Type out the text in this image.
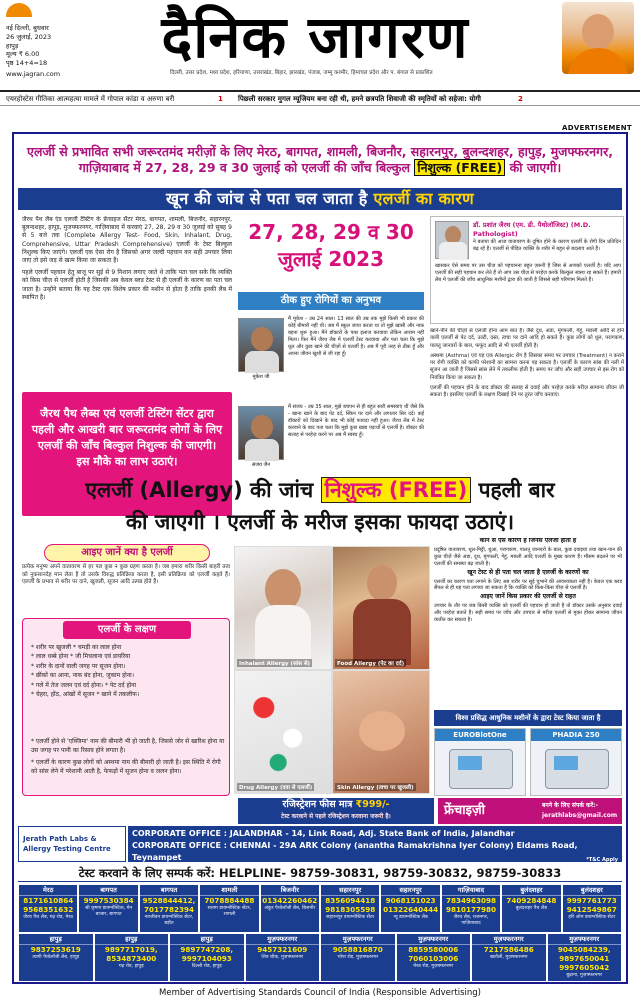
नई दिल्ली, बुधवार
26 जुलाई, 2023
हापुड़
मूल्य ₹ 6.00
पृष्ठ 14+4=18
www.jagran.com
दैनिक जागरण
दिल्ली, उत्तर प्रदेश, मध्य प्रदेश, हरियाणा, उत्तराखंड, बिहार, झारखंड, पंजाब, जम्मू कश्मीर, हिमाचल प्रदेश और प. बंगाल से प्रकाशित
एयरहोस्टेस गीतिका आत्महत्या मामले में गोपाल कांडा व अरुणा बरी	1 पिछली सरकार मुगल म्यूजियम बना रही थी, हमने छत्रपति शिवाजी की स्मृतियों को सहेजा: योगी	2
ADVERTISEMENT
एलर्जी से प्रभावित सभी जरूरतमंद मरीज़ों के लिए मेरठ, बागपत, शामली, बिजनौर, सहारनपुर, बुलन्दशहर, हापुड़, मुजफ्फरनगर,
गाज़ियाबाद में 27, 28, 29 व 30 जुलाई को एलर्जी की जाँच बिल्कुल निशुल्क (FREE) की जाएगी।
खून की जांच से पता चल जाता है एलर्जी का कारण

जैरथ पैथ लैब एंड एलर्जी टैस्टिंग के फ्रेंचाइज सैंटर मेरठ, बागपत, शामली, बिजनौर, सहारनपुर, बुलन्दशहर, हापुड़, मुजफ्फरनगर, गाज़ियाबाद में करवाएं 27, 28, 29 व 30 जुलाई को सुबह 9 से 5 बजे तक (Complete Allergy Test- Food, Skin, Inhalant, Drug, Comprehensive, Uttar Pradesh Comprehensive) एलर्जी के टेस्ट बिल्कुल निशुल्क किए जाएंगे। एलर्जी एक ऐसा रोग है जिसको अगर जल्दी पहचान कर सही उपचार लिया जाए तो इसे जड़ से खत्म किया जा सकता है।

पहले एलर्जी पहचान हेतु बाजू पर सुई से 9 निशान लगाए जाते थे ताकि पता चल सके कि व्यक्ति को किस चीज़ से एलर्जी होती है जिसकी अब केवल ब्लड टेस्ट से ही एलर्जी के कारण का पता चल जाता है। उन्होंने बताया कि यह टैस्ट एक विशेष प्रकार की मशीन से होता है ताकि इनकी लैब में स्थापित है।

जैरथ पैथ लैब्स एवं एलर्जी टेस्टिंग सेंटर द्वारा पहली और आखरी बार जरूरतमंद लोगों के लिए एलर्जी की जाँच बिल्कुल निशुल्क की जाएगी। इस मौके का लाभ उठाएं।
27, 28, 29 व 30
जुलाई 2023
ठीक हुए रोगियों का अनुभव
मुकेश जी
मैं मुकेश - उम्र 24 साल। 13 साल की उम्र तक मुझे किसी भी प्रकार की कोई बीमारी नहीं थी। जब मैं स्कूल जाया करता था तो मुझे खांसी और नाक बहना शुरू हुआ। मैंने डॉक्टरों के पास इलाज करवाया लेकिन आराम नहीं मिला। फिर मैंने जैरथ लैब में एलर्जी टेस्ट करवाया और पता चला कि मुझे धूल और कुछ खाने की चीज़ों से एलर्जी है। अब मैं पूरी तरह से ठीक हूँ और अपना जीवन खुशी से जी रहा हूँ।
संजय जैन
मैं संजय - उम्र 35 साल, मुझे बचपन से ही बहुत सारी समस्याएं थीं जैसे कि - खाना खाने के बाद पेट दर्द, स्किन पर दाने और लगातार सिर दर्द। कई डॉक्टरों को दिखाने के बाद भी कोई फायदा नहीं हुआ। जैरथ लैब में टेस्ट करवाने के बाद पता चला कि मुझे कुछ खाद्य पदार्थों से एलर्जी है। डॉक्टर की सलाह से परहेज़ करने पर अब मैं स्वस्थ हूँ।
डॉ. प्रशांत जैरथ (एम. डी. पैथोलॉजिस्ट) (M.D. Pathologist)
ने बताया की आज वातावरण के दूषित होने के कारण एलर्जी के रोगी दिन प्रतिदिन बढ़ रहे हैं। एलर्जी से पीड़ित व्यक्ति के शरीर में बहुत से बदलाव आते हैं।
खासकर ऐसे समय पर उस चीज़ को पहचानना बहुत ज़रूरी है जिस से आपको एलर्जी है। यदि आप एलर्जी की सही पहचान कर लेते हैं तो आप उस चीज़ से परहेज़ करके बिल्कुल स्वस्थ रह सकते हैं। हमारी लैब में एलर्जी की जाँच आधुनिक मशीनों द्वारा की जाती है जिससे सही परिणाम मिलते हैं।

खाने-पीने की चीज़ों से एलर्जी होना आम बात है। जैसे दूध, अंडा, मूंगफली, गेहूं, मछली आदि से होने वाली एलर्जी से पेट दर्द, उल्टी, दस्त, त्वचा पर दाने आदि हो सकते हैं। कुछ लोगों को धूल, परागकण, पालतू जानवरों के बाल, फफूंद आदि से भी एलर्जी होती है।

अस्थमा (Asthma) एवं यह एक Allergic रोग है जिसका समय पर उपचार (Treatment) न कराने पर रोगी व्यक्ति को काफी परेशानी का सामना करना पड़ सकता है। एलर्जी के कारण सांस की नली में सूजन आ जाती है जिससे सांस लेने में तकलीफ होती है। समय पर जाँच और सही उपचार से इस रोग को नियंत्रित किया जा सकता है।

एलर्जी की पहचान होने के बाद डॉक्टर की सलाह से दवाई और परहेज़ करके मरीज़ सामान्य जीवन जी सकता है। इसलिए एलर्जी के लक्षण दिखाई देने पर तुरंत जाँच करवाएं।

एलर्जी (Allergy) की जांच निशुल्क (FREE) पहली बार
की जाएगी । एलर्जी के मरीज इसका फायदा उठाएं।
आइए जानें क्या है एलर्जी
प्रत्येक मनुष्य अपने वातावरण से हर पल कुछ न कुछ ग्रहण करता है। जब हमारा शरीर किसी बाहरी तत्व को नुकसानदेह मान लेता है तो उसके विरुद्ध प्रतिक्रिया करता है, इसी प्रतिक्रिया को एलर्जी कहते हैं। एलर्जी के प्रभाव से शरीर पर दाने, खुजली, सूजन आदि उत्पन्न होते हैं।
एलर्जी के लक्षण
* शरीर पर खुजली * चमड़ी का लाल होना
* लाल धब्बे होना * जी मिचलाना एवं डायरिया
* शरीर के दानों वाली जगह पर सूजन होना।
* छींकों का आना, नाक बंद होना, जुकाम होना।
* गले में तेज जलन एवं दर्द होना। * पेट दर्द होना
* चेहरा, होंठ, आंखों में सूजन * खाने में तकलीफ।

* एलर्जी होने से 'एक्जिमा' नाम की बीमारी भी हो जाती है, जिससे जोर से खारिश होना या उस जगह पर पानी का रिसाव होने लगता है।

* एलर्जी के कारण कुछ लोगों को अस्थमा नाम की बीमारी हो जाती है। इस स्थिति में रोगी को सांस लेने में परेशानी आती है, फेफड़ों में सूजन होना व जलन होना।

Inhalant Allergy (सांस से)	Food Allergy (पेट का दर्द)
Drug Allergy (दवा से एलर्जी)	Skin Allergy (त्वचा पर खुजली)
कौन से ऐसे कारण है जिनसे एलर्जी होती है

प्रदूषित वातावरण, धूल-मिट्टी, धुंआ, परागकण, पालतू जानवरों के बाल, कुछ दवाइयां तथा खान-पान की कुछ चीज़ें जैसे अंडा, दूध, मूंगफली, गेहूं, मछली आदि एलर्जी के मुख्य कारण हैं। मौसम बदलने पर भी एलर्जी की समस्या बढ़ जाती है।

खून टेस्ट से ही पता चल जाता है एलर्जी के कारणों का

एलर्जी का कारण पता लगाने के लिए अब शरीर पर सुई चुभाने की आवश्यकता नहीं है। केवल एक ब्लड सैंपल से ही यह पता लगाया जा सकता है कि व्यक्ति को किस-किस चीज़ से एलर्जी है।

आइए जानें किस प्रकार की एलर्जी से राहत

उपचार के तौर पर जब किसी व्यक्ति को एलर्जी की पहचान हो जाती है तो डॉक्टर उसके अनुसार दवाई और परहेज़ बताते हैं। सही समय पर जाँच और उपचार से मरीज़ एलर्जी से मुक्त होकर सामान्य जीवन व्यतीत कर सकता है।

विश्व प्रसिद्ध आधुनिक मशीनों के द्वारा टेस्ट किया जाता है
EUROBlotOne	PHADIA 250
रजिस्ट्रेशन फीस मात्र ₹999/-
टेस्ट करवाने से पहले रजिस्ट्रेशन करवाना जरूरी है।	फ्रेंचाइज़ी	बनने के लिए संपर्क करें:-
jerathlabs@gmail.com
Jerath Path Labs & Allergy Testing Centre
CORPORATE OFFICE : JALANDHAR - 14, Link Road, Adj. State Bank of India, Jalandhar
CORPORATE OFFICE : CHENNAI - 29A ARK Colony (anantha Ramakrishna Iyer Colony) Eldams Road, Teynampet	*T&C Apply
टेस्ट करवाने के लिए सम्पर्क करें: HELPLINE- 98759-30831, 98759-30832, 98759-30833
मेरठ
8171610864 9568351632
जैरथ पैथ लैब, गढ़ रोड, मेरठ
बागपत
9997530384
श्री कृष्णा डायग्नोस्टिक, मेन बाजार, बागपत
बागपत
9528844412, 7017782394
नवजीवन डायग्नोस्टिक सेंटर, बड़ौत
शामली
7078884488
सत्यम डायग्नोस्टिक सेंटर, शामली
बिजनौर
01342260462
अंकुर पैथोलॉजी लैब, बिजनौर
सहारनपुर
8356094418 9818305598
सहारनपुर डायग्नोस्टिक सेंटर
सहारनपुर
9068151023 01322640444
न्यू डायग्नोस्टिक लैब
गाज़ियाबाद
7834963098 9810177980
जैरथ लैब, राजनगर, गाज़ियाबाद
बुलंदशहर
7409284848
बुलंदशहर पैथ लैब
बुलंदशहर
9997761773 9412549867
हरि ओम डायग्नोस्टिक सेंटर
हापुड़
9837253619
त्यागी पैथोलॉजी लैब, हापुड़
हापुड़
9897717019, 8534873400
गढ़ रोड, हापुड़
हापुड़
9897747208, 9997104093
दिल्ली रोड, हापुड़
मुज़फ्फरनगर
9457321609
शिव चौक, मुज़फ्फरनगर
मुज़फ्फरनगर
9058816870
भोपा रोड, मुज़फ्फरनगर
मुज़फ्फरनगर
8859580006 7060103006
मेरठ रोड, मुज़फ्फरनगर
मुज़फ्फरनगर
7217586486
खतौली, मुज़फ्फरनगर
मुज़फ्फरनगर
9045084239, 9897650041 9997605042
बुढ़ाना, मुज़फ्फरनगर
Member of Advertising Standards Council of India (Responsible Advertising)
